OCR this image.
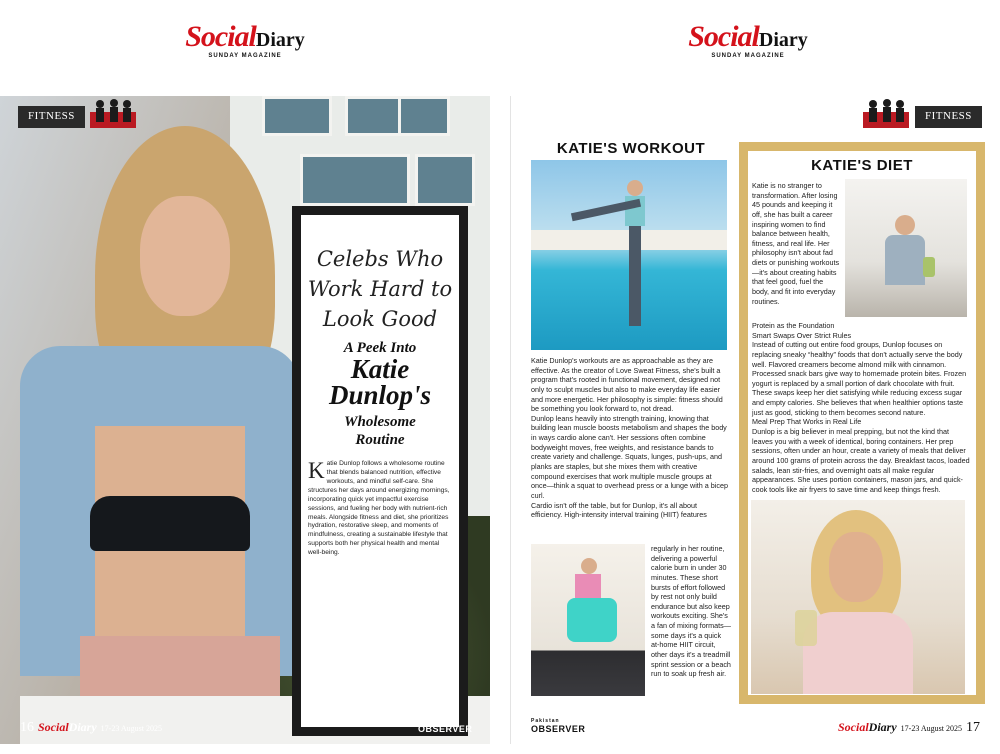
SocialDiary
SUNDAY MAGAZINE
SocialDiary
SUNDAY MAGAZINE
FITNESS
Celebs Who
Work Hard to
Look Good
A Peek Into
Katie
Dunlop's
Wholesome
Routine
Katie Dunlop follows a wholesome routine that blends balanced nutrition, effective workouts, and mindful self-care. She structures her days around energizing mornings, incorporating quick yet impactful exercise sessions, and fueling her body with nutrient-rich meals. Alongside fitness and diet, she prioritizes hydration, restorative sleep, and moments of mindfulness, creating a sustainable lifestyle that supports both her physical health and mental well-being.
16 SocialDiary 17-23 August 2025
Pakistan
OBSERVER
FITNESS
KATIE'S WORKOUT

Katie Dunlop's workouts are as approachable as they are effective. As the creator of Love Sweat Fitness, she's built a program that's rooted in functional movement, designed not only to sculpt muscles but also to make everyday life easier and more energetic. Her philosophy is simple: fitness should be something you look forward to, not dread.

Dunlop leans heavily into strength training, knowing that building lean muscle boosts metabolism and shapes the body in ways cardio alone can't. Her sessions often combine bodyweight moves, free weights, and resistance bands to create variety and challenge. Squats, lunges, push-ups, and planks are staples, but she mixes them with creative compound exercises that work multiple muscle groups at once—think a squat to overhead press or a lunge with a bicep curl.

Cardio isn't off the table, but for Dunlop, it's all about efficiency. High-intensity interval training (HIIT) features

regularly in her routine, delivering a powerful calorie burn in under 30 minutes. These short bursts of effort followed by rest not only build endurance but also keep workouts exciting. She's a fan of mixing formats—some days it's a quick at-home HIIT circuit, other days it's a treadmill sprint session or a beach run to soak up fresh air.

KATIE'S DIET

Katie is no stranger to transformation. After losing 45 pounds and keeping it off, she has built a career inspiring women to find balance between health, fitness, and real life. Her philosophy isn't about fad diets or punishing workouts—it's about creating habits that feel good, fuel the body, and fit into everyday routines.

Protein as the Foundation

Smart Swaps Over Strict Rules

Instead of cutting out entire food groups, Dunlop focuses on replacing sneaky “healthy” foods that don't actually serve the body well. Flavored creamers become almond milk with cinnamon. Processed snack bars give way to homemade protein bites. Frozen yogurt is replaced by a small portion of dark chocolate with fruit. These swaps keep her diet satisfying while reducing excess sugar and empty calories. She believes that when healthier options taste just as good, sticking to them becomes second nature.

Meal Prep That Works in Real Life

Dunlop is a big believer in meal prepping, but not the kind that leaves you with a week of identical, boring containers. Her prep sessions, often under an hour, create a variety of meals that deliver around 100 grams of protein across the day. Breakfast tacos, loaded salads, lean stir-fries, and overnight oats all make regular appearances. She uses portion containers, mason jars, and quick-cook tools like air fryers to save time and keep things fresh.

Pakistan
OBSERVER	SocialDiary 17-23 August 2025 17
